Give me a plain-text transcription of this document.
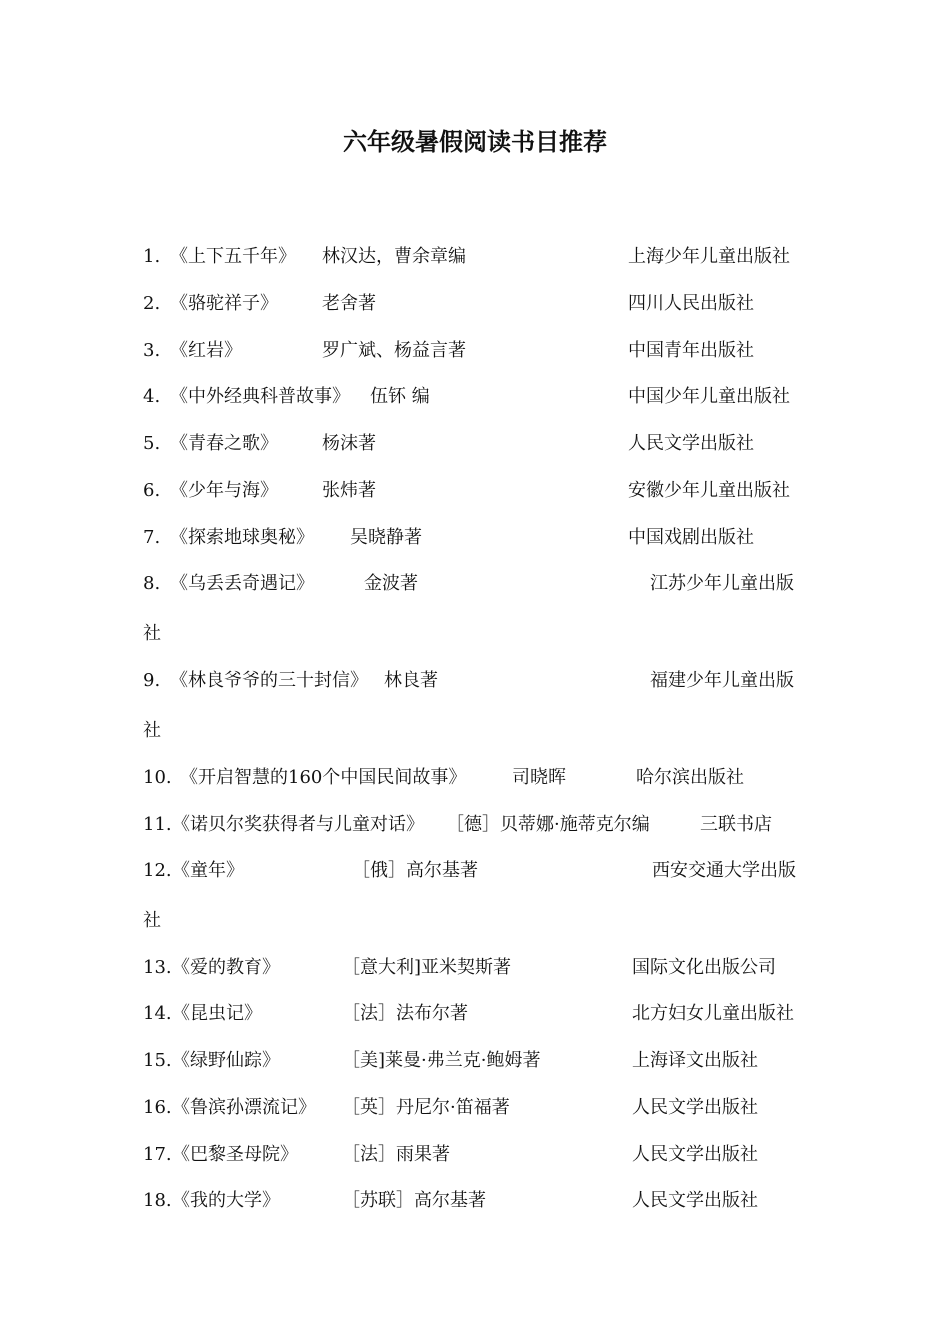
六年级暑假阅读书目推荐
1. 《上下五千年》 林汉达，曹余章编	上海少年儿童出版社
2. 《骆驼祥子》 老舍著	四川人民出版社
3. 《红岩》	罗广斌、杨益言著	中国青年出版社
4. 《中外经典科普故事》 伍钚 编	中国少年儿童出版社
5. 《青春之歌》 杨沫著	人民文学出版社
6. 《少年与海》 张炜著	安徽少年儿童出版社
7. 《探索地球奥秘》 吴晓静著	中国戏剧出版社
8. 《乌丢丢奇遇记》	金波著	江苏少年儿童出版
社
9. 《林良爷爷的三十封信》 林良著	福建少年儿童出版
社
10. 《开启智慧的160个中国民间故事》	司晓晖	哈尔滨出版社
11. 《诺贝尔奖获得者与儿童对话》 ［德］贝蒂娜·施蒂克尔编	三联书店
12. 《童年》	［俄］高尔基著	西安交通大学出版
社
13. 《爱的教育》	［意大利]亚米契斯著	国际文化出版公司
14. 《昆虫记》	［法］法布尔著	北方妇女儿童出版社
15. 《绿野仙踪》	［美]莱曼·弗兰克·鲍姆著	上海译文出版社
16. 《鲁滨孙漂流记》 ［英］丹尼尔·笛福著	人民文学出版社
17. 《巴黎圣母院》 ［法］雨果著	人民文学出版社
18. 《我的大学》	［苏联］高尔基著	人民文学出版社
